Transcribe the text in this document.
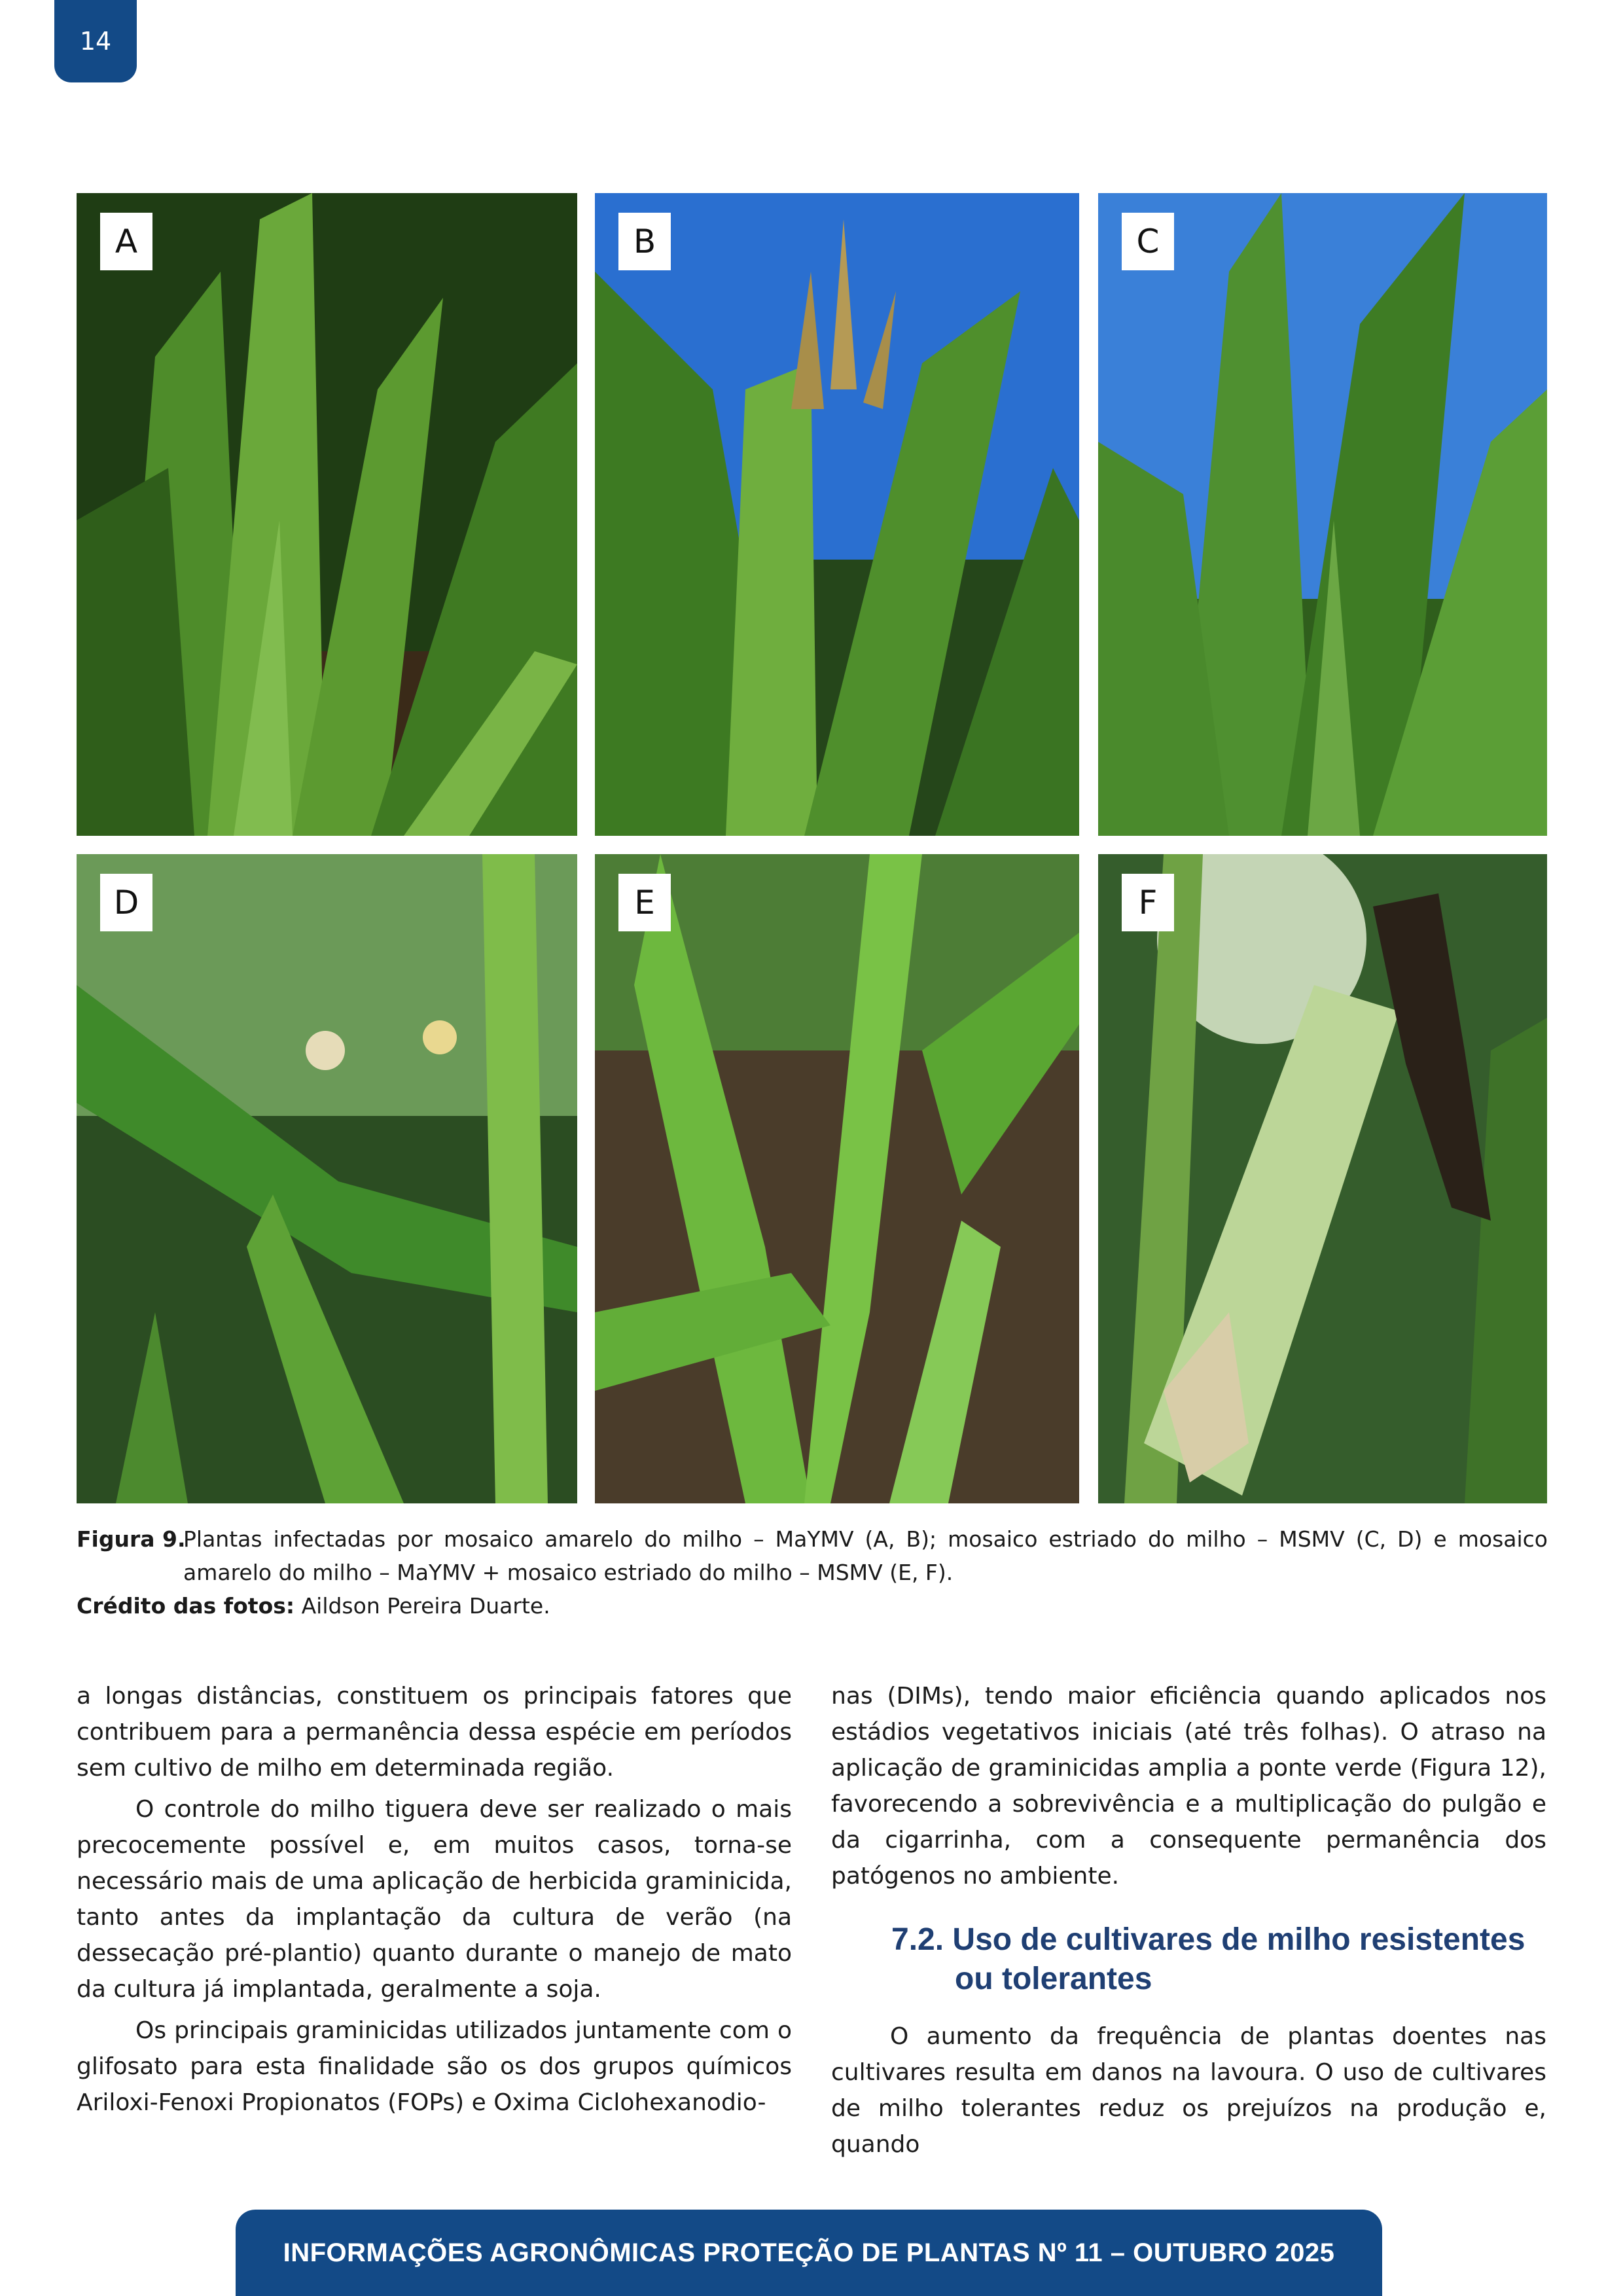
14
A	B	C
D	E	F
Figura 9.
Plantas infectadas por mosaico amarelo do milho – MaYMV (A, B); mosaico estriado do milho – MSMV (C, D) e mosaico amarelo do milho – MaYMV + mosaico estriado do milho – MSMV (E, F).
Crédito das fotos: Aildson Pereira Duarte.

a longas distâncias, constituem os principais fatores que contribuem para a permanência dessa espécie em períodos sem cultivo de milho em determinada região.

O controle do milho tiguera deve ser realizado o mais precocemente possível e, em muitos casos, torna-se necessário mais de uma aplicação de herbicida graminicida, tanto antes da implantação da cultura de verão (na dessecação pré-plantio) quanto durante o manejo de mato da cultura já implantada, geralmente a soja.

Os principais graminicidas utilizados juntamente com o glifosato para esta finalidade são os dos grupos químicos Ariloxi-Fenoxi Propionatos (FOPs) e Oxima Ciclohexanodio-

nas (DIMs), tendo maior eficiência quando aplicados nos estádios vegetativos iniciais (até três folhas). O atraso na aplicação de graminicidas amplia a ponte verde (Figura 12), favorecendo a sobrevivência e a multiplicação do pulgão e da cigarrinha, com a consequente permanência dos patógenos no ambiente.

7.2. Uso de cultivares de milho resistentes
ou tolerantes

O aumento da frequência de plantas doentes nas cultivares resulta em danos na lavoura. O uso de cultivares de milho tolerantes reduz os prejuízos na produção e, quando

INFORMAÇÕES AGRONÔMICAS PROTEÇÃO DE PLANTAS Nº 11 – OUTUBRO 2025
